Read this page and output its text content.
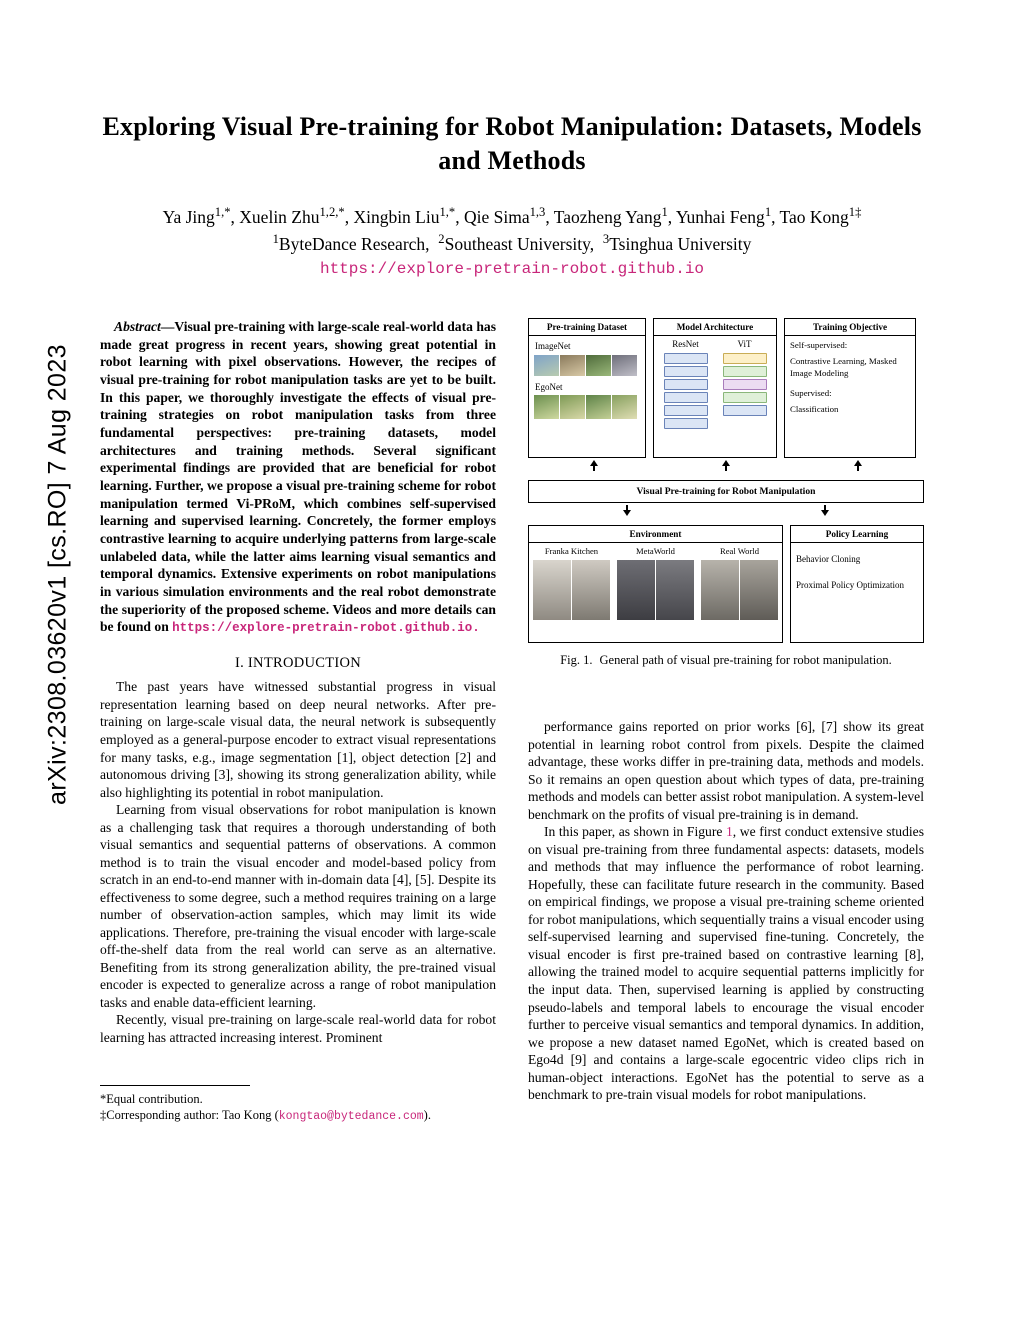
arXiv:2308.03620v1 [cs.RO] 7 Aug 2023
Exploring Visual Pre-training for Robot Manipulation: Datasets, Models and Methods
Ya Jing$^{1,*}$, Xuelin Zhu$^{1,2,*}$, Xingbin Liu$^{1,*}$, Qie Sima$^{1,3}$, Taozheng Yang$^1$, Yunhai Feng$^1$, Tao Kong$^{1\ddagger}$
$^1$ByteDance Research,  $^2$Southeast University,  $^3$Tsinghua University
https://explore-pretrain-robot.github.io
Pre-training Dataset
ImageNet
EgoNet
Model Architecture
ResNet	ViT
Training Objective
Self-supervised:
Contrastive Learning, Masked Image Modeling
Supervised:
Classification
Visual Pre-training for Robot Manipulation
Environment
Franka Kitchen	MetaWorld	Real World
Policy Learning
Behavior Cloning
Proximal Policy Optimization
Fig. 1. General path of visual pre-training for robot manipulation.
Abstract—Visual pre-training with large-scale real-world data has made great progress in recent years, showing great potential in robot learning with pixel observations. However, the recipes of visual pre-training for robot manipulation tasks are yet to be built. In this paper, we thoroughly investigate the effects of visual pre-training strategies on robot manipulation tasks from three fundamental perspectives: pre-training datasets, model architectures and training methods. Several significant experimental findings are provided that are beneficial for robot learning. Further, we propose a visual pre-training scheme for robot manipulation termed Vi-PRoM, which combines self-supervised learning and supervised learning. Concretely, the former employs contrastive learning to acquire underlying patterns from large-scale unlabeled data, while the latter aims learning visual semantics and temporal dynamics. Extensive experiments on robot manipulations in various simulation environments and the real robot demonstrate the superiority of the proposed scheme. Videos and more details can be found on https://explore-pretrain-robot.github.io.
I. INTRODUCTION

The past years have witnessed substantial progress in visual representation learning based on deep neural networks. After pre-training on large-scale visual data, the neural network is subsequently employed as a general-purpose encoder to extract visual representations for many tasks, e.g., image segmentation [1], object detection [2] and autonomous driving [3], showing its strong generalization ability, while also highlighting its potential in robot manipulation.

Learning from visual observations for robot manipulation is known as a challenging task that requires a thorough understanding of both visual semantics and sequential patterns of observations. A common method is to train the visual encoder and model-based policy from scratch in an end-to-end manner with in-domain data [4], [5]. Despite its effectiveness to some degree, such a method requires training on a large number of observation-action samples, which may limit its wide applications. Therefore, pre-training the visual encoder with large-scale off-the-shelf data from the real world can serve as an alternative. Benefiting from its strong generalization ability, the pre-trained visual encoder is expected to generalize across a range of robot manipulation tasks and enable data-efficient learning.

Recently, visual pre-training on large-scale real-world data for robot learning has attracted increasing interest. Prominent

*Equal contribution.

‡Corresponding author: Tao Kong (kongtao@bytedance.com).

performance gains reported on prior works [6], [7] show its great potential in learning robot control from pixels. Despite the claimed advantage, these works differ in pre-training data, methods and models. So it remains an open question about which types of data, pre-training methods and models can better assist robot manipulation. A system-level benchmark on the profits of visual pre-training is in demand.

In this paper, as shown in Figure 1, we first conduct extensive studies on visual pre-training from three fundamental aspects: datasets, models and methods that may influence the performance of robot learning. Hopefully, these can facilitate future research in the community. Based on empirical findings, we propose a visual pre-training scheme oriented for robot manipulations, which sequentially trains a visual encoder using self-supervised learning and supervised fine-tuning. Concretely, the visual encoder is first pre-trained based on contrastive learning [8], allowing the trained model to acquire sequential patterns implicitly for the input data. Then, supervised learning is applied by constructing pseudo-labels and temporal labels to encourage the visual encoder further to perceive visual semantics and temporal dynamics. In addition, we propose a new dataset named EgoNet, which is created based on Ego4d [9] and contains a large-scale egocentric video clips rich in human-object interactions. EgoNet has the potential to serve as a benchmark to pre-train visual models for robot manipulations.
